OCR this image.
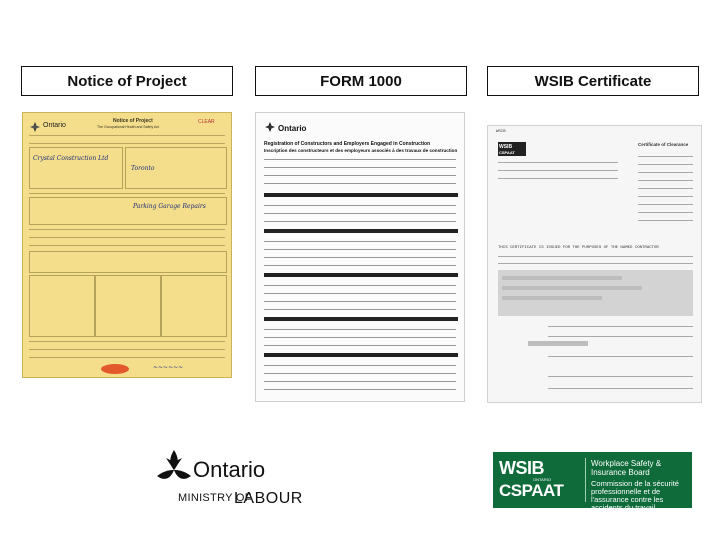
Notice of Project	FORM 1000	WSIB Certificate
Ontario
Notice of Project
The Occupational Health and Safety Act
CLEAR
Crystal Construction Ltd
Toronto
Parking Garage Repairs
~~~~~~
Ontario
Registration of Constructors and Employers Engaged in Construction
Inscription des constructeurs et des employeurs associés à des travaux de construction
WSIB
WSIB
CSPAAT
Certificate of Clearance
THIS CERTIFICATE IS ISSUED FOR THE PURPOSES OF THE NAMED CONTRACTOR
Ontario
MINISTRY OF
LABOUR
WSIB
ONTARIO
CSPAAT
Workplace Safety & Insurance Board
Commission de la sécurité professionnelle et de l'assurance contre les accidents du travail
